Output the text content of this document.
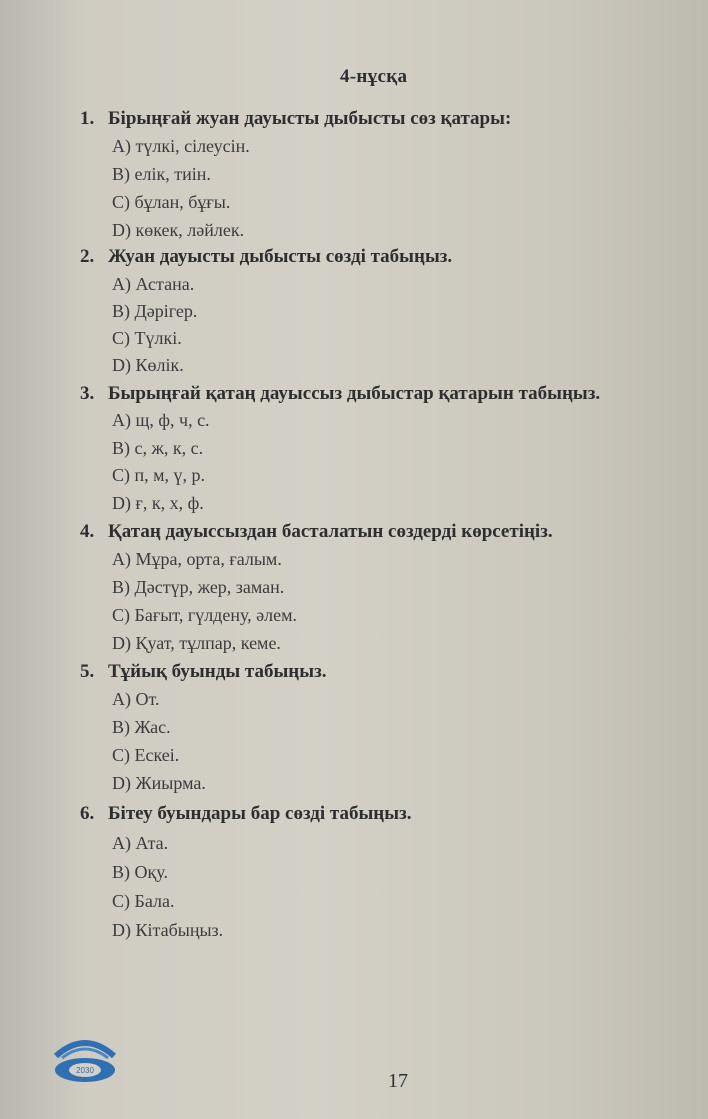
4-нұсқа
1. Бірыңғай жуан дауысты дыбысты сөз қатары:
A) түлкі, сілеусін.
B) елік, тиін.
C) бұлан, бұғы.
D) көкек, ләйлек.
2. Жуан дауысты дыбысты сөзді табыңыз.
A) Астана.
B) Дәрігер.
C) Түлкі.
D) Көлік.
3. Бырыңғай қатаң дауыссыз дыбыстар қатарын табыңыз.
A) щ, ф, ч, с.
B) с, ж, к, с.
C) п, м, ү, р.
D) ғ, к, х, ф.
4. Қатаң дауыссыздан басталатын сөздерді көрсетіңіз.
A) Мұра, орта, ғалым.
B) Дәстүр, жер, заман.
C) Бағыт, гүлдену, әлем.
D) Қуат, тұлпар, кеме.
5. Тұйық буынды табыңыз.
A) От.
B) Жас.
C) Ескеі.
D) Жиырма.
6. Бітеу буындары бар сөзді табыңыз.
A) Ата.
B) Оқу.
C) Бала.
D) Кітабыңыз.
2030	17
